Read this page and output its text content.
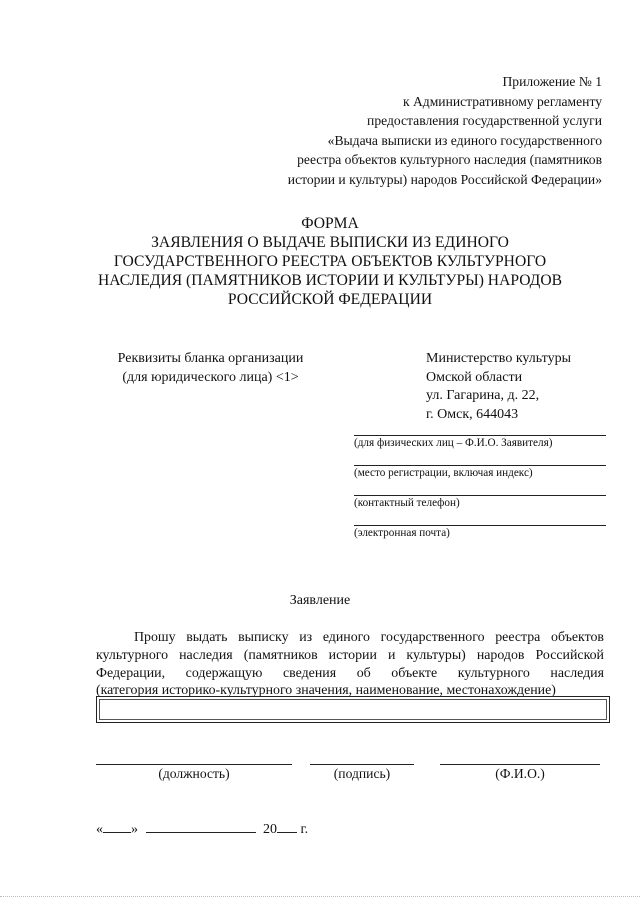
Приложение № 1
к Административному регламенту
предоставления государственной услуги
«Выдача выписки из единого государственного
реестра объектов культурного наследия (памятников
истории и культуры) народов Российской Федерации»
ФОРМА
ЗАЯВЛЕНИЯ О ВЫДАЧЕ ВЫПИСКИ ИЗ ЕДИНОГО
ГОСУДАРСТВЕННОГО РЕЕСТРА ОБЪЕКТОВ КУЛЬТУРНОГО
НАСЛЕДИЯ (ПАМЯТНИКОВ ИСТОРИИ И КУЛЬТУРЫ) НАРОДОВ
РОССИЙСКОЙ ФЕДЕРАЦИИ
Реквизиты бланка организации
(для юридического лица) <1>
Министерство культуры
Омской области
ул. Гагарина, д. 22,
г. Омск, 644043
(для физических лиц – Ф.И.О. Заявителя)
(место регистрации, включая индекс)
(контактный телефон)
(электронная почта)
Заявление
Прошу выдать выписку из единого государственного реестра объектов
культурного наследия (памятников истории и культуры) народов Российской
Федерации, содержащую сведения об объекте культурного наследия
(категория историко-культурного значения, наименование, местонахождение)
(должность)	(подпись)	(Ф.И.О.)
« »	20 г.
